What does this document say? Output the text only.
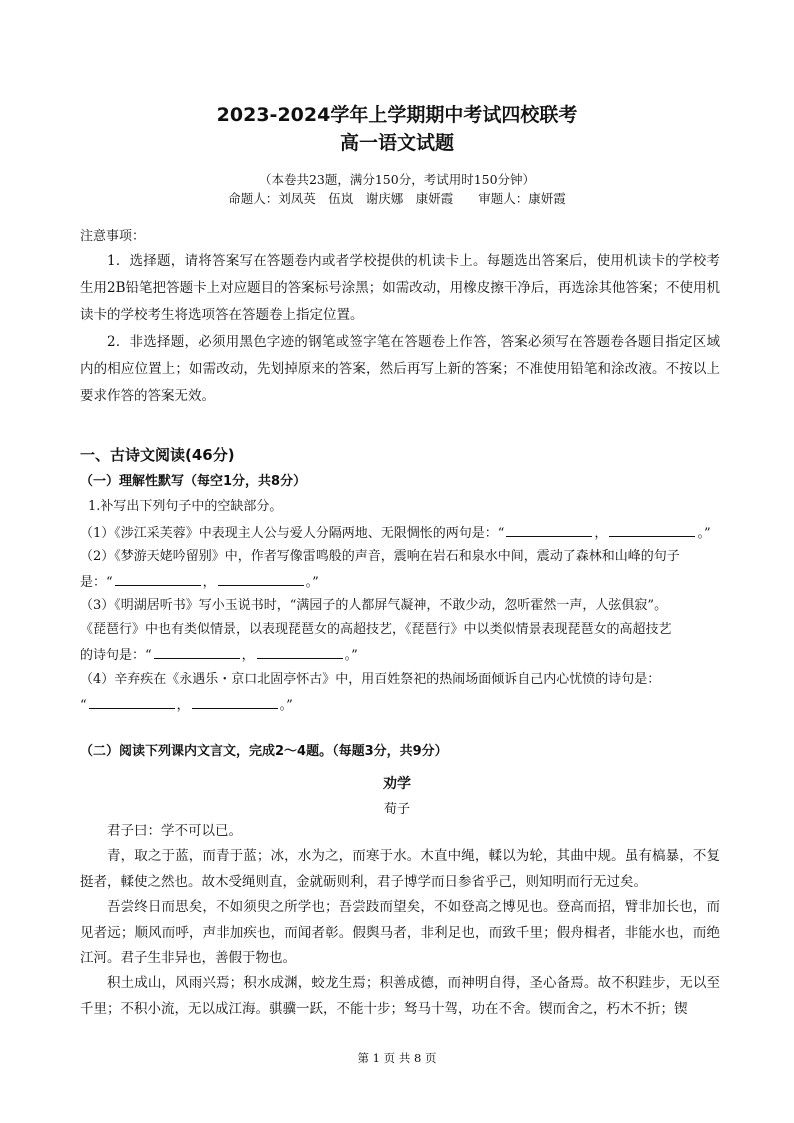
2023-2024学年上学期期中考试四校联考
高一语文试题
（本卷共23题，满分150分，考试用时150分钟）
命题人：刘凤英　伍岚　谢庆娜　康妍霞　　审题人：康妍霞
注意事项：
1．选择题，请将答案写在答题卷内或者学校提供的机读卡上。每题选出答案后，使用机读卡的学校考生用2B铅笔把答题卡上对应题目的答案标号涂黑；如需改动，用橡皮擦干净后，再选涂其他答案；不使用机读卡的学校考生将选项答在答题卷上指定位置。
2．非选择题，必须用黑色字迹的钢笔或签字笔在答题卷上作答，答案必须写在答题卷各题目指定区域内的相应位置上；如需改动，先划掉原来的答案，然后再写上新的答案；不准使用铅笔和涂改液。不按以上要求作答的答案无效。
一、古诗文阅读(46分)
（一）理解性默写（每空1分，共8分）
1.补写出下列句子中的空缺部分。
（1）《涉江采芙蓉》中表现主人公与爱人分隔两地、无限惆怅的两句是：“	，	。”
（2）《梦游天姥吟留别》中，作者写像雷鸣般的声音，震响在岩石和泉水中间，震动了森林和山峰的句子
是：“	，	。”
（3）《明湖居听书》写小玉说书时，“满园子的人都屏气凝神，不敢少动，忽听霍然一声，人弦俱寂”。
《琵琶行》中也有类似情景，以表现琵琶女的高超技艺，《琵琶行》中以类似情景表现琵琶女的高超技艺
的诗句是：“	，	。”
（4）辛弃疾在《永遇乐・京口北固亭怀古》中，用百姓祭祀的热闹场面倾诉自己内心忧愤的诗句是：
“	，	。”
（二）阅读下列课内文言文，完成2～4题。（每题3分，共9分）
劝学
荀子
君子曰：学不可以已。
青，取之于蓝，而青于蓝；冰，水为之，而寒于水。木直中绳，輮以为轮，其曲中规。虽有槁暴，不复挺者，輮使之然也。故木受绳则直，金就砺则利，君子博学而日参省乎己，则知明而行无过矣。
吾尝终日而思矣，不如须臾之所学也；吾尝跂而望矣，不如登高之博见也。登高而招，臂非加长也，而见者远；顺风而呼，声非加疾也，而闻者彰。假舆马者，非利足也，而致千里；假舟楫者，非能水也，而绝江河。君子生非异也，善假于物也。
积土成山，风雨兴焉；积水成渊，蛟龙生焉；积善成德，而神明自得，圣心备焉。故不积跬步，无以至千里；不积小流，无以成江海。骐骥一跃，不能十步；驽马十驾，功在不舍。锲而舍之，朽木不折；锲
第 1 页 共 8 页
